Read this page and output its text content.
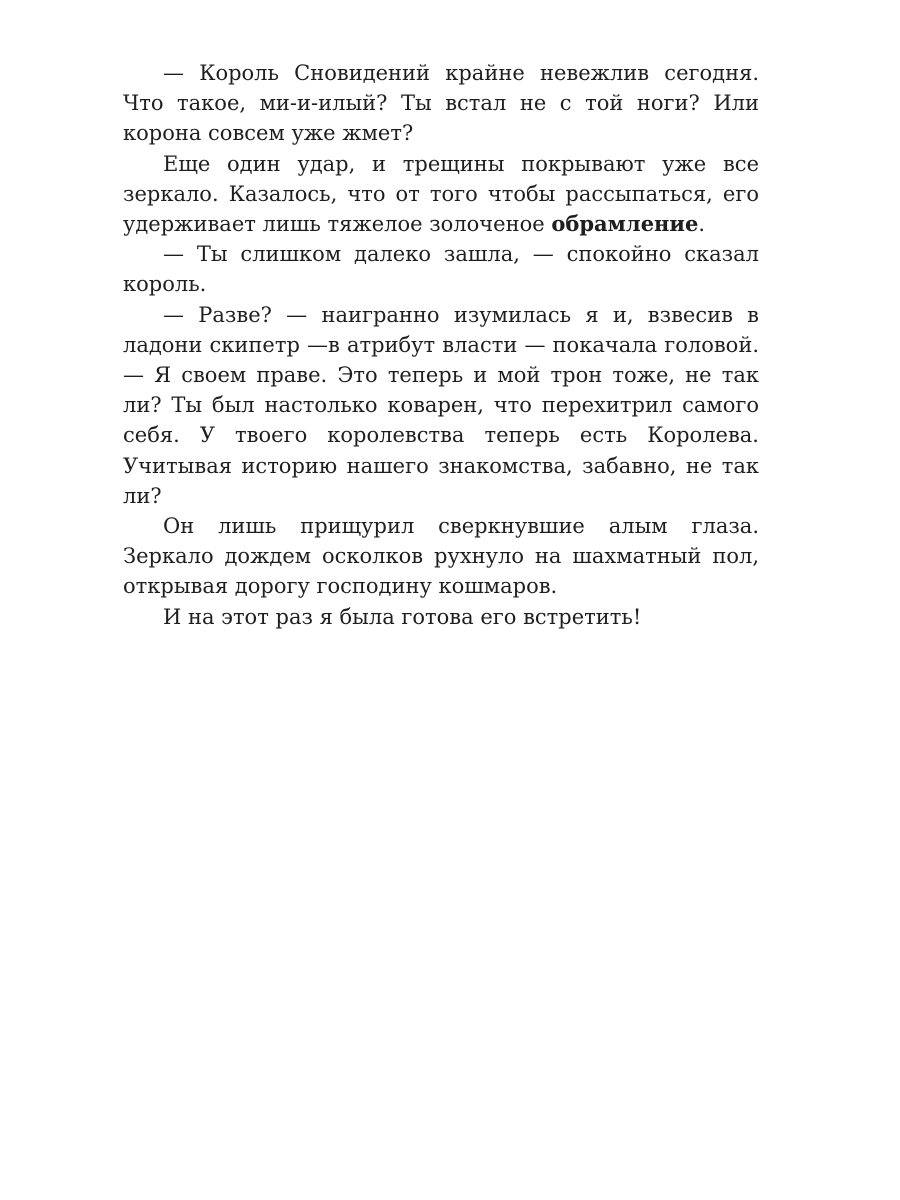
— Король Сновидений крайне невежлив сегодня. Что такое, ми-и-илый? Ты встал не с той ноги? Или корона совсем уже жмет?

Еще один удар, и трещины покрывают уже все зеркало. Казалось, что от того чтобы рассыпаться, его удерживает лишь тяжелое золоченое обрамление.

— Ты слишком далеко зашла, — спокойно сказал король.

— Разве? — наигранно изумилась я и, взвесив в ладони скипетр —в атрибут власти — покачала головой. — Я своем праве. Это теперь и мой трон тоже, не так ли? Ты был настолько коварен, что перехитрил самого себя. У твоего королевства теперь есть Королева. Учитывая историю нашего знакомства, забавно, не так ли?

Он лишь прищурил сверкнувшие алым глаза. Зеркало дождем осколков рухнуло на шахматный пол, открывая дорогу господину кошмаров.

И на этот раз я была готова его встретить!
